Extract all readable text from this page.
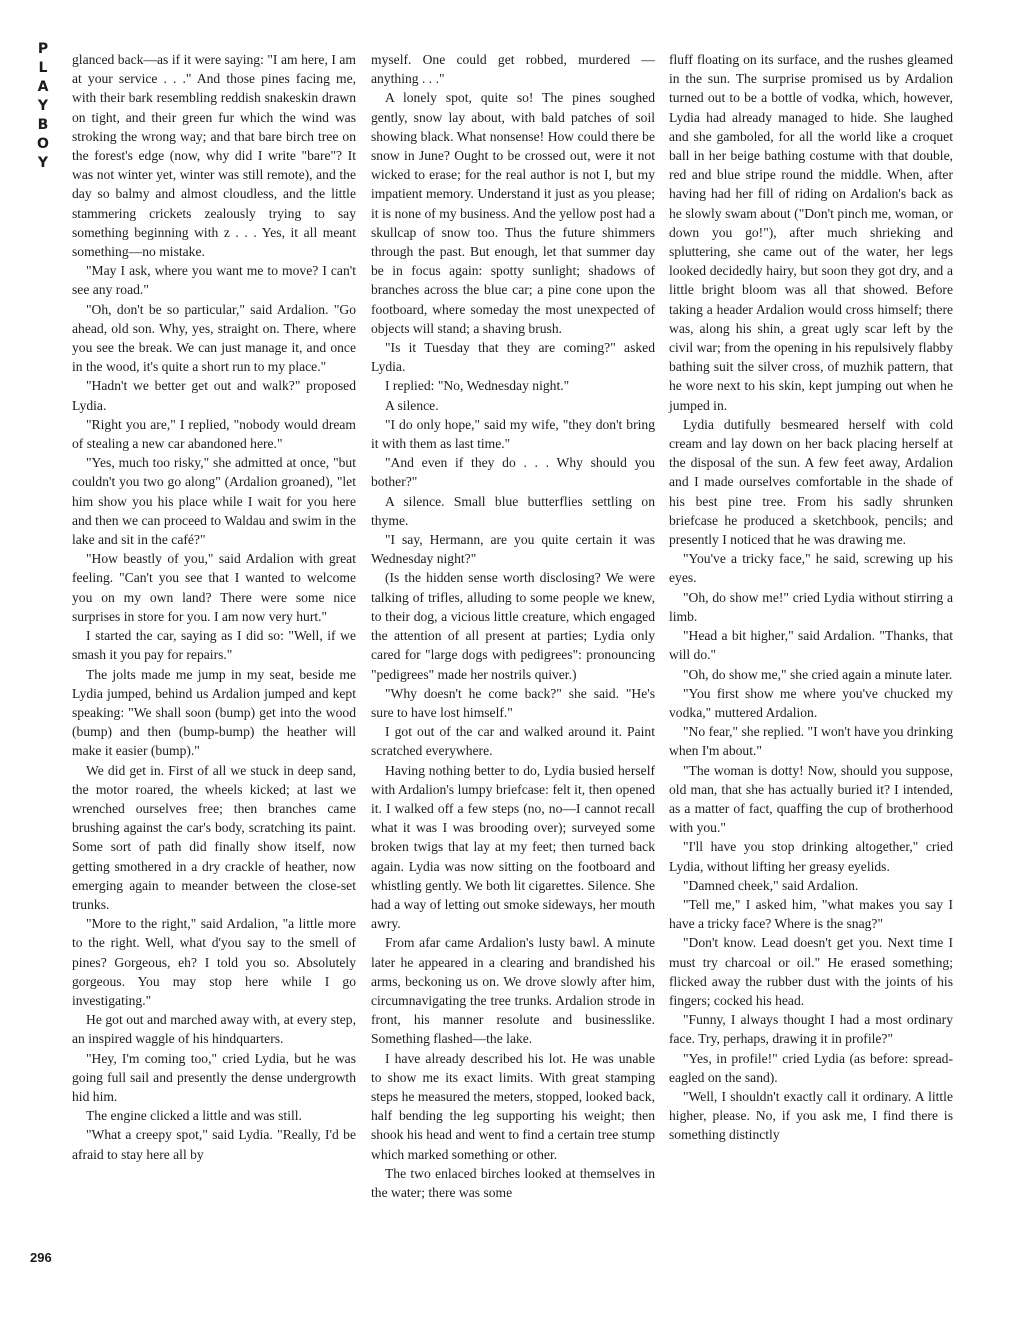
P
L
A
Y
B
O
Y

glanced back—as if it were saying: "I am here, I am at your service . . ." And those pines facing me, with their bark resembling reddish snakeskin drawn on tight, and their green fur which the wind was stroking the wrong way; and that bare birch tree on the forest's edge (now, why did I write "bare"? It was not winter yet, winter was still remote), and the day so balmy and almost cloudless, and the little stammering crickets zealously trying to say something beginning with z . . . Yes, it all meant something—no mistake.

"May I ask, where you want me to move? I can't see any road."

"Oh, don't be so particular," said Ardalion. "Go ahead, old son. Why, yes, straight on. There, where you see the break. We can just manage it, and once in the wood, it's quite a short run to my place."

"Hadn't we better get out and walk?" proposed Lydia.

"Right you are," I replied, "nobody would dream of stealing a new car abandoned here."

"Yes, much too risky," she admitted at once, "but couldn't you two go along" (Ardalion groaned), "let him show you his place while I wait for you here and then we can proceed to Waldau and swim in the lake and sit in the café?"

"How beastly of you," said Ardalion with great feeling. "Can't you see that I wanted to welcome you on my own land? There were some nice surprises in store for you. I am now very hurt."

I started the car, saying as I did so: "Well, if we smash it you pay for repairs."

The jolts made me jump in my seat, beside me Lydia jumped, behind us Ardalion jumped and kept speaking: "We shall soon (bump) get into the wood (bump) and then (bump-bump) the heather will make it easier (bump)."

We did get in. First of all we stuck in deep sand, the motor roared, the wheels kicked; at last we wrenched ourselves free; then branches came brushing against the car's body, scratching its paint. Some sort of path did finally show itself, now getting smothered in a dry crackle of heather, now emerging again to meander between the close-set trunks.

"More to the right," said Ardalion, "a little more to the right. Well, what d'you say to the smell of pines? Gorgeous, eh? I told you so. Absolutely gorgeous. You may stop here while I go investigating."

He got out and marched away with, at every step, an inspired waggle of his hindquarters.

"Hey, I'm coming too," cried Lydia, but he was going full sail and presently the dense undergrowth hid him.

The engine clicked a little and was still.

"What a creepy spot," said Lydia. "Really, I'd be afraid to stay here all by

myself. One could get robbed, murdered —anything . . ."

A lonely spot, quite so! The pines soughed gently, snow lay about, with bald patches of soil showing black. What nonsense! How could there be snow in June? Ought to be crossed out, were it not wicked to erase; for the real author is not I, but my impatient memory. Understand it just as you please; it is none of my business. And the yellow post had a skullcap of snow too. Thus the future shimmers through the past. But enough, let that summer day be in focus again: spotty sunlight; shadows of branches across the blue car; a pine cone upon the footboard, where someday the most unexpected of objects will stand; a shaving brush.

"Is it Tuesday that they are coming?" asked Lydia.

I replied: "No, Wednesday night."

A silence.

"I do only hope," said my wife, "they don't bring it with them as last time."

"And even if they do . . . Why should you bother?"

A silence. Small blue butterflies settling on thyme.

"I say, Hermann, are you quite certain it was Wednesday night?"

(Is the hidden sense worth disclosing? We were talking of trifles, alluding to some people we knew, to their dog, a vicious little creature, which engaged the attention of all present at parties; Lydia only cared for "large dogs with pedigrees": pronouncing "pedigrees" made her nostrils quiver.)

"Why doesn't he come back?" she said. "He's sure to have lost himself."

I got out of the car and walked around it. Paint scratched everywhere.

Having nothing better to do, Lydia busied herself with Ardalion's lumpy briefcase: felt it, then opened it. I walked off a few steps (no, no—I cannot recall what it was I was brooding over); surveyed some broken twigs that lay at my feet; then turned back again. Lydia was now sitting on the footboard and whistling gently. We both lit cigarettes. Silence. She had a way of letting out smoke sideways, her mouth awry.

From afar came Ardalion's lusty bawl. A minute later he appeared in a clearing and brandished his arms, beckoning us on. We drove slowly after him, circumnavigating the tree trunks. Ardalion strode in front, his manner resolute and businesslike. Something flashed—the lake.

I have already described his lot. He was unable to show me its exact limits. With great stamping steps he measured the meters, stopped, looked back, half bending the leg supporting his weight; then shook his head and went to find a certain tree stump which marked something or other.

The two enlaced birches looked at themselves in the water; there was some

fluff floating on its surface, and the rushes gleamed in the sun. The surprise promised us by Ardalion turned out to be a bottle of vodka, which, however, Lydia had already managed to hide. She laughed and she gamboled, for all the world like a croquet ball in her beige bathing costume with that double, red and blue stripe round the middle. When, after having had her fill of riding on Ardalion's back as he slowly swam about ("Don't pinch me, woman, or down you go!"), after much shrieking and spluttering, she came out of the water, her legs looked decidedly hairy, but soon they got dry, and a little bright bloom was all that showed. Before taking a header Ardalion would cross himself; there was, along his shin, a great ugly scar left by the civil war; from the opening in his repulsively flabby bathing suit the silver cross, of muzhik pattern, that he wore next to his skin, kept jumping out when he jumped in.

Lydia dutifully besmeared herself with cold cream and lay down on her back placing herself at the disposal of the sun. A few feet away, Ardalion and I made ourselves comfortable in the shade of his best pine tree. From his sadly shrunken briefcase he produced a sketchbook, pencils; and presently I noticed that he was drawing me.

"You've a tricky face," he said, screwing up his eyes.

"Oh, do show me!" cried Lydia without stirring a limb.

"Head a bit higher," said Ardalion. "Thanks, that will do."

"Oh, do show me," she cried again a minute later.

"You first show me where you've chucked my vodka," muttered Ardalion.

"No fear," she replied. "I won't have you drinking when I'm about."

"The woman is dotty! Now, should you suppose, old man, that she has actually buried it? I intended, as a matter of fact, quaffing the cup of brotherhood with you."

"I'll have you stop drinking altogether," cried Lydia, without lifting her greasy eyelids.

"Damned cheek," said Ardalion.

"Tell me," I asked him, "what makes you say I have a tricky face? Where is the snag?"

"Don't know. Lead doesn't get you. Next time I must try charcoal or oil." He erased something; flicked away the rubber dust with the joints of his fingers; cocked his head.

"Funny, I always thought I had a most ordinary face. Try, perhaps, drawing it in profile?"

"Yes, in profile!" cried Lydia (as before: spread-eagled on the sand).

"Well, I shouldn't exactly call it ordinary. A little higher, please. No, if you ask me, I find there is something distinctly

296
